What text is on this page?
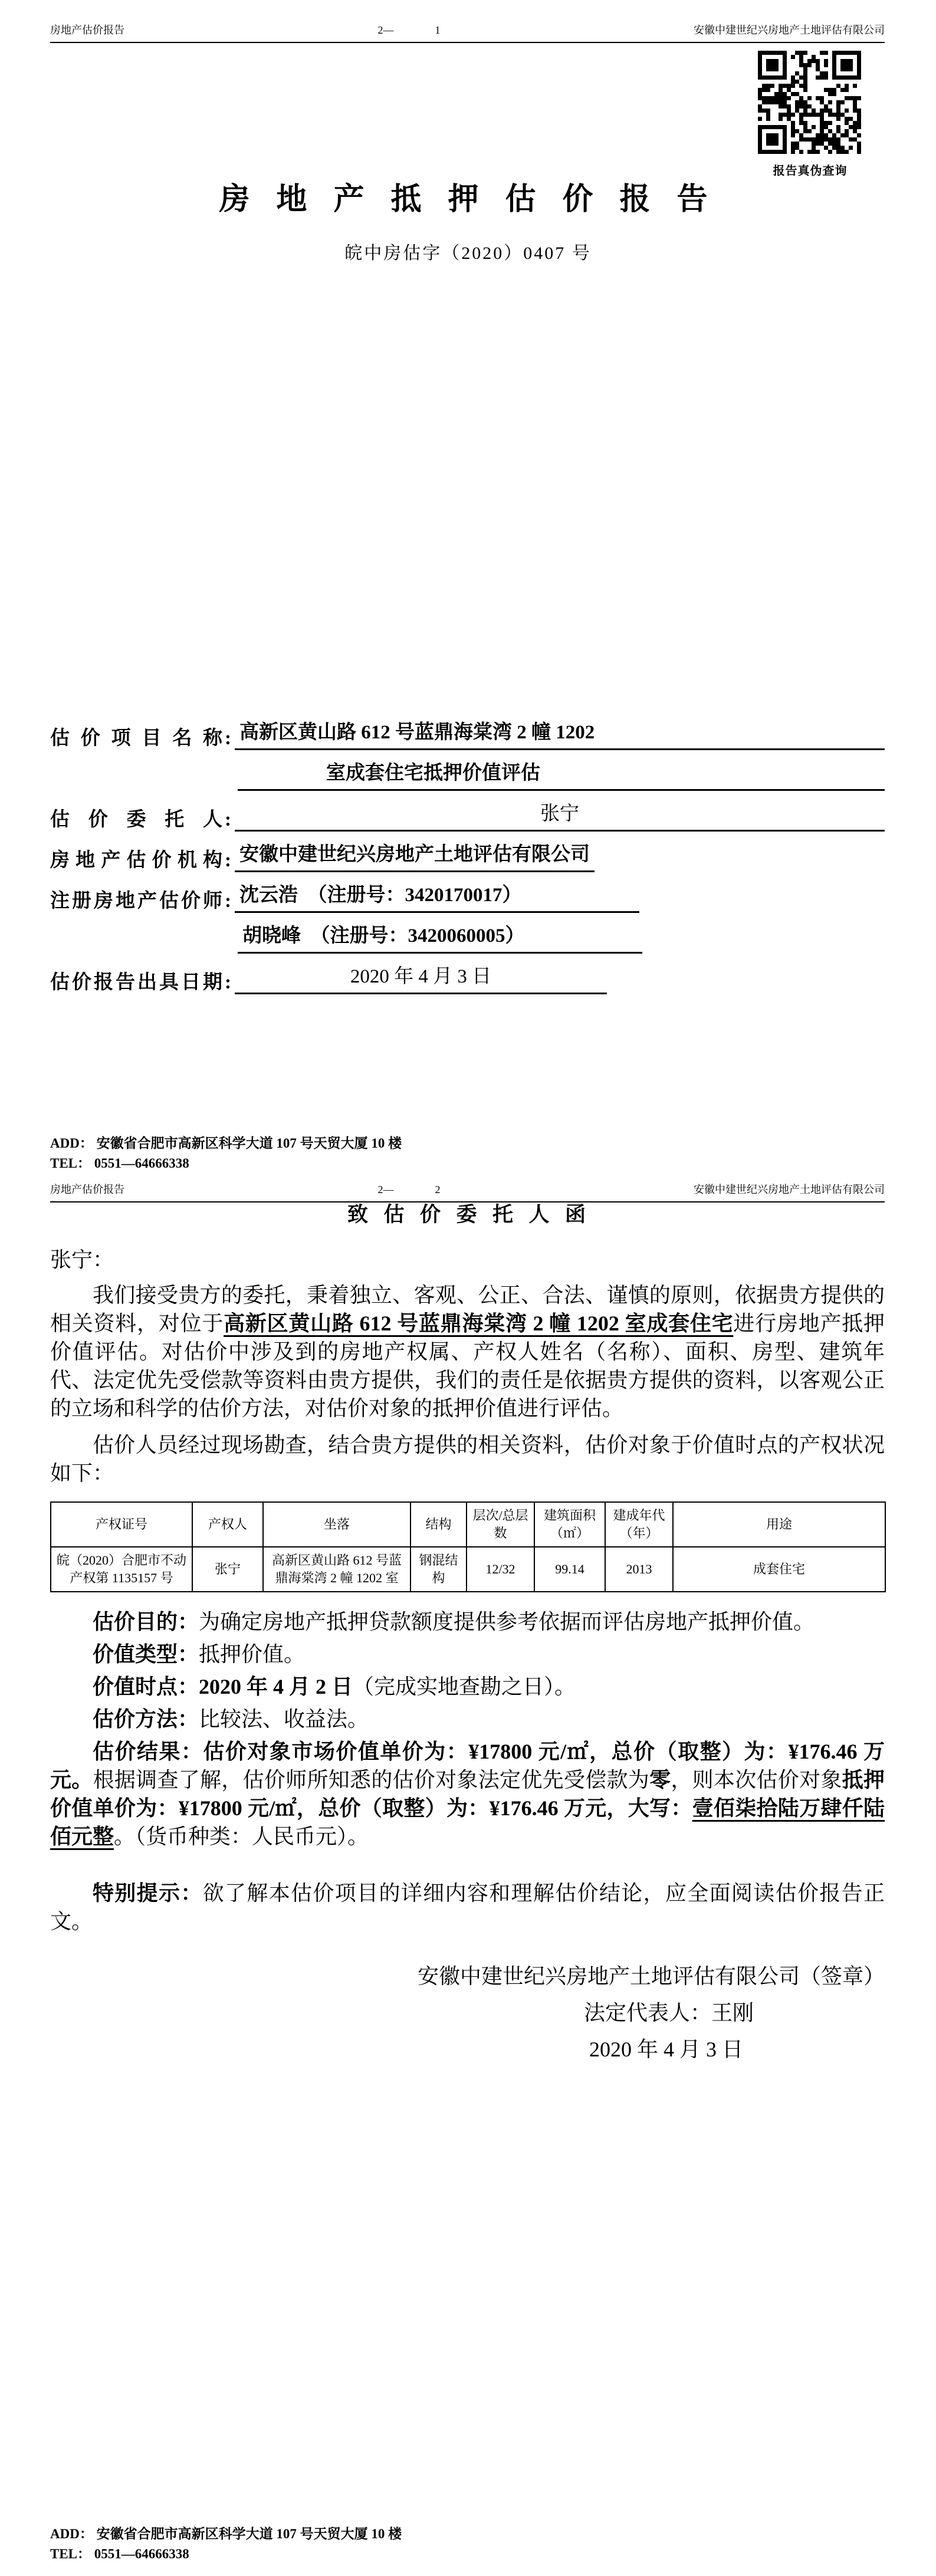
房地产估价报告	2—	1	安徽中建世纪兴房地产土地评估有限公司
报告真伪查询
房 地 产 抵 押 估 价 报 告
皖中房估字（2020）0407 号
估 价 项 目 名 称 : 高新区黄山路 612 号蓝鼎海棠湾 2 幢 1202
室成套住宅抵押价值评估
估 价 委 托 人 :	张宁
房地产估价机构 : 安徽中建世纪兴房地产土地评估有限公司
注册房地产估价师 : 沈云浩　（注册号：3420170017）
胡晓峰　（注册号：3420060005）
估价报告出具日期 :	2020 年 4 月 3 日
ADD： 安徽省合肥市高新区科学大道 107 号天贸大厦 10 楼
TEL： 0551—64666338
房地产估价报告	2—	2	安徽中建世纪兴房地产土地评估有限公司
致  估  价  委  托  人  函
张宁：

我们接受贵方的委托，秉着独立、客观、公正、合法、谨慎的原则，依据贵方提供的相关资料，对位于高新区黄山路 612 号蓝鼎海棠湾 2 幢 1202 室成套住宅进行房地产抵押价值评估。对估价中涉及到的房地产权属、产权人姓名（名称）、面积、房型、建筑年代、法定优先受偿款等资料由贵方提供，我们的责任是依据贵方提供的资料，以客观公正的立场和科学的估价方法，对估价对象的抵押价值进行评估。

估价人员经过现场勘查，结合贵方提供的相关资料，估价对象于价值时点的产权状况如下：

产权证号	产权人	坐落	结构	层次/总层数	建筑面积（㎡）	建成年代（年）	用途
皖（2020）合肥市不动产权第 1135157 号	张宁	高新区黄山路 612 号蓝鼎海棠湾 2 幢 1202 室	钢混结构	12/32	99.14	2013	成套住宅

估价目的：为确定房地产抵押贷款额度提供参考依据而评估房地产抵押价值。

价值类型：抵押价值。

价值时点：2020 年 4 月 2 日（完成实地查勘之日）。

估价方法：比较法、收益法。

估价结果：估价对象市场价值单价为：¥17800 元/㎡，总价（取整）为：¥176.46 万元。根据调查了解，估价师所知悉的估价对象法定优先受偿款为零，则本次估价对象抵押价值单价为：¥17800 元/㎡，总价（取整）为：¥176.46 万元，大写：壹佰柒拾陆万肆仟陆佰元整。（货币种类：人民币元）。

特别提示：欲了解本估价项目的详细内容和理解估价结论，应全面阅读估价报告正文。

安徽中建世纪兴房地产土地评估有限公司（签章）
法定代表人：王刚
2020 年 4 月 3 日
ADD： 安徽省合肥市高新区科学大道 107 号天贸大厦 10 楼
TEL： 0551—64666338
